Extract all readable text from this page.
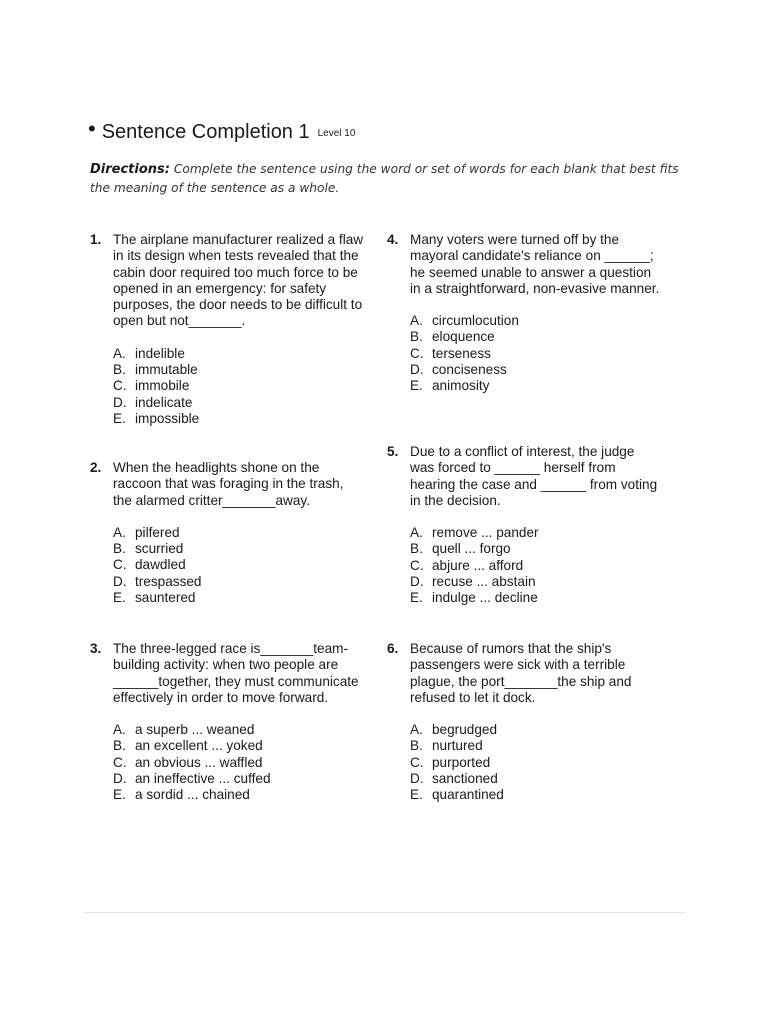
• Sentence Completion 1 Level 10
Directions: Complete the sentence using the word or set of words for each blank that best fits the meaning of the sentence as a whole.
1. The airplane manufacturer realized a flaw in its design when tests revealed that the cabin door required too much force to be opened in an emergency: for safety purposes, the door needs to be difficult to open but not_______.
A. indelible
B. immutable
C. immobile
D. indelicate
E. impossible
2. When the headlights shone on the raccoon that was foraging in the trash, the alarmed critter_______away.
A. pilfered
B. scurried
C. dawdled
D. trespassed
E. sauntered
3. The three-legged race is_______team-building activity: when two people are ______together, they must communicate effectively in order to move forward.
A. a superb ... weaned
B. an excellent ... yoked
C. an obvious ... waffled
D. an ineffective ... cuffed
E. a sordid ... chained
4. Many voters were turned off by the mayoral candidate's reliance on ______; he seemed unable to answer a question in a straightforward, non-evasive manner.
A. circumlocution
B. eloquence
C. terseness
D. conciseness
E. animosity
5. Due to a conflict of interest, the judge was forced to ______ herself from hearing the case and ______ from voting in the decision.
A. remove ... pander
B. quell ... forgo
C. abjure ... afford
D. recuse ... abstain
E. indulge ... decline
6. Because of rumors that the ship's passengers were sick with a terrible plague, the port_______the ship and refused to let it dock.
A. begrudged
B. nurtured
C. purported
D. sanctioned
E. quarantined
